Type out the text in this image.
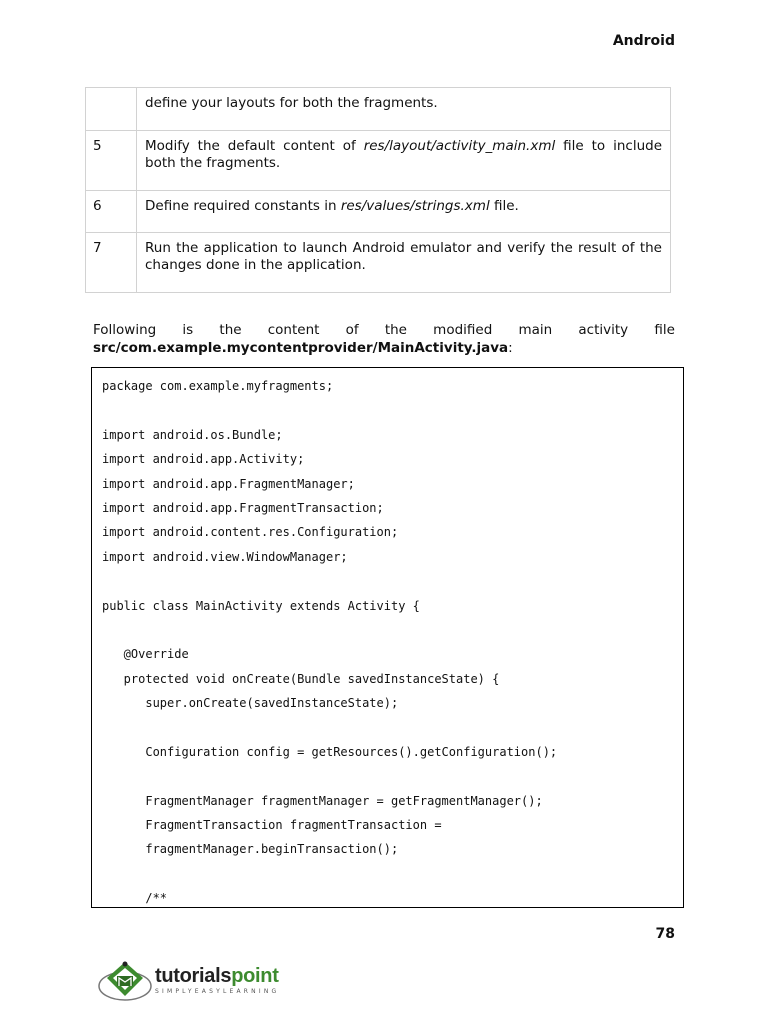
Android
	define your layouts for both the fragments.
5	Modify the default content of res/layout/activity_main.xml file to include both the fragments.
6	Define required constants in res/values/strings.xml file.
7	Run the application to launch Android emulator and verify the result of the changes done in the application.
Following is the content of the modified main activity file
src/com.example.mycontentprovider/MainActivity.java:
package com.example.myfragments;
import android.os.Bundle;
import android.app.Activity;
import android.app.FragmentManager;
import android.app.FragmentTransaction;
import android.content.res.Configuration;
import android.view.WindowManager;
public class MainActivity extends Activity {
@Override
protected void onCreate(Bundle savedInstanceState) {
super.onCreate(savedInstanceState);
Configuration config = getResources().getConfiguration();
FragmentManager fragmentManager = getFragmentManager();
FragmentTransaction fragmentTransaction =
fragmentManager.beginTransaction();
/**
78
tutorialspoint
SIMPLYEASYLEARNING
